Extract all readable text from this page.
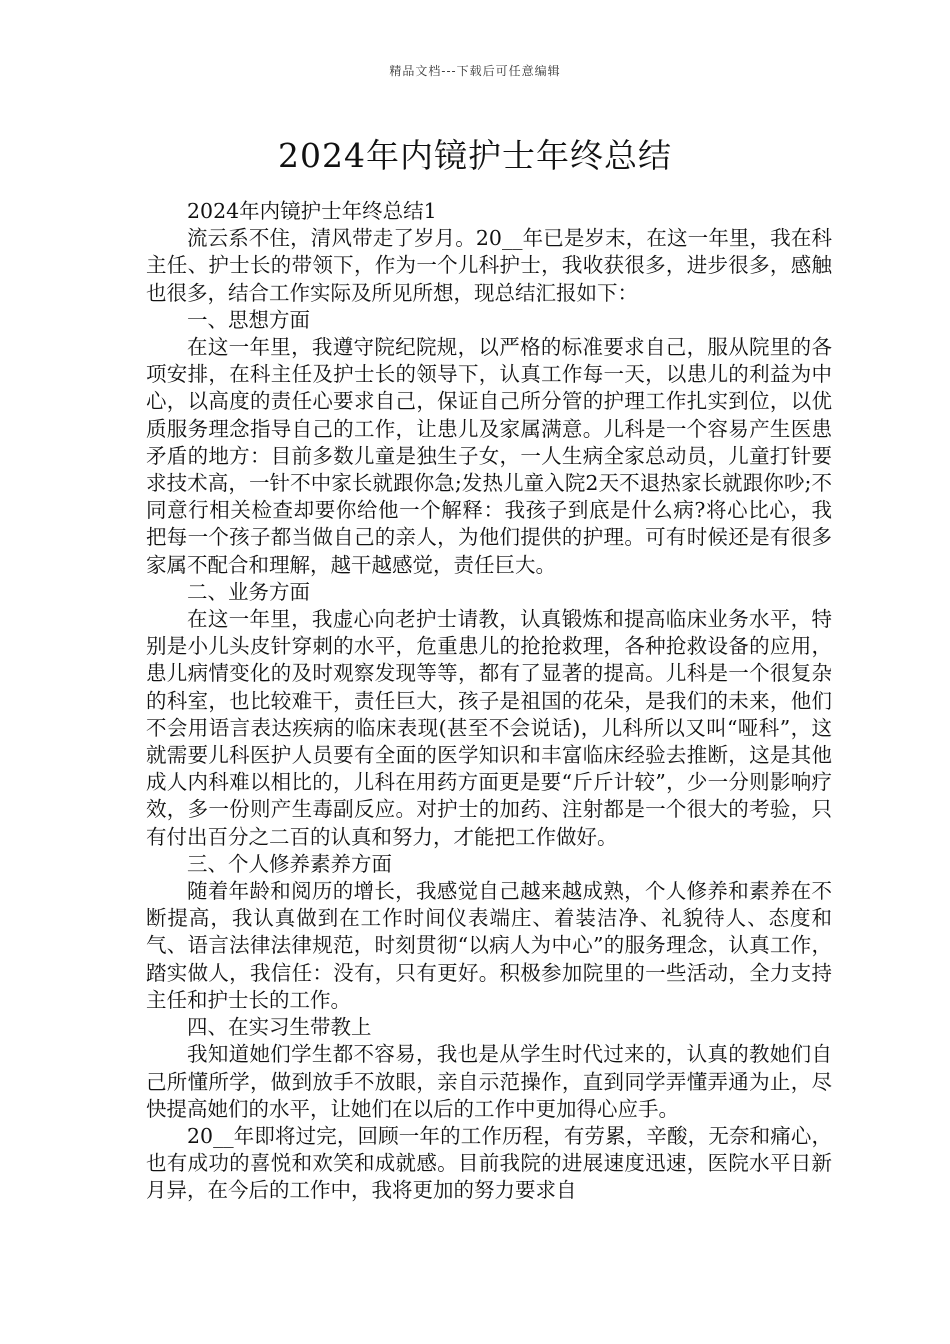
精品文档---下载后可任意编辑
2024年内镜护士年终总结

2024年内镜护士年终总结1

流云系不住，清风带走了岁月。20__年已是岁末，在这一年里，我在科主任、护士长的带领下，作为一个儿科护士，我收获很多，进步很多，感触也很多，结合工作实际及所见所想，现总结汇报如下：

一、思想方面

在这一年里，我遵守院纪院规，以严格的标准要求自己，服从院里的各项安排，在科主任及护士长的领导下，认真工作每一天，以患儿的利益为中心，以高度的责任心要求自己，保证自己所分管的护理工作扎实到位，以优质服务理念指导自己的工作，让患儿及家属满意。儿科是一个容易产生医患矛盾的地方：目前多数儿童是独生子女，一人生病全家总动员，儿童打针要求技术高，一针不中家长就跟你急;发热儿童入院2天不退热家长就跟你吵;不同意行相关检查却要你给他一个解释：我孩子到底是什么病?将心比心，我把每一个孩子都当做自己的亲人，为他们提供的护理。可有时候还是有很多家属不配合和理解，越干越感觉，责任巨大。

二、业务方面

在这一年里，我虚心向老护士请教，认真锻炼和提高临床业务水平，特别是小儿头皮针穿刺的水平，危重患儿的抢抢救理，各种抢救设备的应用，患儿病情变化的及时观察发现等等，都有了显著的提高。儿科是一个很复杂的科室，也比较难干，责任巨大，孩子是祖国的花朵，是我们的未来，他们不会用语言表达疾病的临床表现(甚至不会说话)，儿科所以又叫“哑科”，这就需要儿科医护人员要有全面的医学知识和丰富临床经验去推断，这是其他成人内科难以相比的，儿科在用药方面更是要“斤斤计较”，少一分则影响疗效，多一份则产生毒副反应。对护士的加药、注射都是一个很大的考验，只有付出百分之二百的认真和努力，才能把工作做好。

三、个人修养素养方面

随着年龄和阅历的增长，我感觉自己越来越成熟，个人修养和素养在不断提高，我认真做到在工作时间仪表端庄、着装洁净、礼貌待人、态度和气、语言法律法律规范，时刻贯彻“以病人为中心”的服务理念，认真工作，踏实做人，我信任：没有，只有更好。积极参加院里的一些活动，全力支持主任和护士长的工作。

四、在实习生带教上

我知道她们学生都不容易，我也是从学生时代过来的，认真的教她们自己所懂所学，做到放手不放眼，亲自示范操作，直到同学弄懂弄通为止，尽快提高她们的水平，让她们在以后的工作中更加得心应手。

20__年即将过完，回顾一年的工作历程，有劳累，辛酸，无奈和痛心，也有成功的喜悦和欢笑和成就感。目前我院的进展速度迅速，医院水平日新月异，在今后的工作中，我将更加的努力要求自
